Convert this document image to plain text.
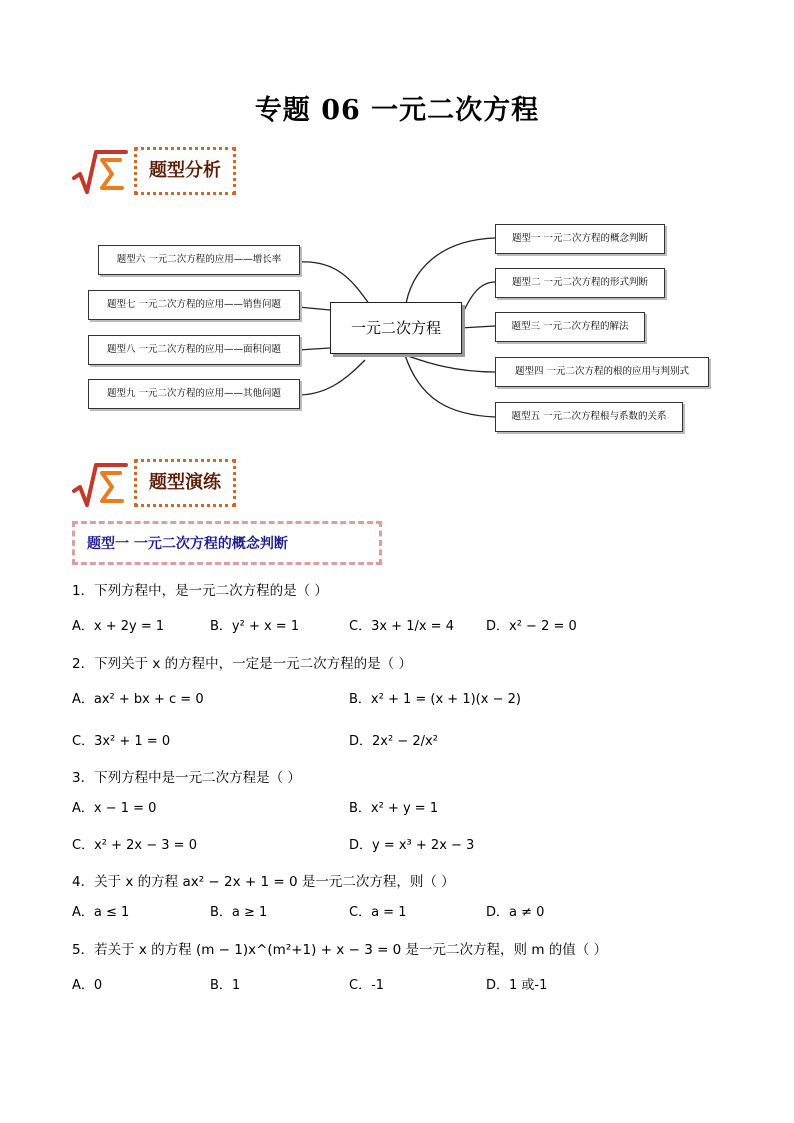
专题 06 一元二次方程
题型分析
一元二次方程
题型一 一元二次方程的概念判断
题型二 一元二次方程的形式判断
题型三 一元二次方程的解法
题型四 一元二次方程的根的应用与判别式
题型五 一元二次方程根与系数的关系
题型六 一元二次方程的应用——增长率
题型七 一元二次方程的应用——销售问题
题型八 一元二次方程的应用——面积问题
题型九 一元二次方程的应用——其他问题
题型演练
题型一 一元二次方程的概念判断
1．下列方程中，是一元二次方程的是（ ）
A．x + 2y = 1	B．y² + x = 1	C．3x + 1/x = 4 D．x² − 2 = 0
2．下列关于 x 的方程中，一定是一元二次方程的是（ ）
A．ax² + bx + c = 0	B．x² + 1 = (x + 1)(x − 2)
C．3x² + 1 = 0	D．2x² − 2/x²
3．下列方程中是一元二次方程是（ ）
A．x − 1 = 0	B．x² + y = 1
C．x² + 2x − 3 = 0	D．y = x³ + 2x − 3
4．关于 x 的方程 ax² − 2x + 1 = 0 是一元二次方程，则（ ）
A．a ≤ 1	B．a ≥ 1	C．a = 1	D．a ≠ 0
5．若关于 x 的方程 (m − 1)x^(m²+1) + x − 3 = 0 是一元二次方程，则 m 的值（ ）
A．0	B．1	C．-1	D．1 或-1
